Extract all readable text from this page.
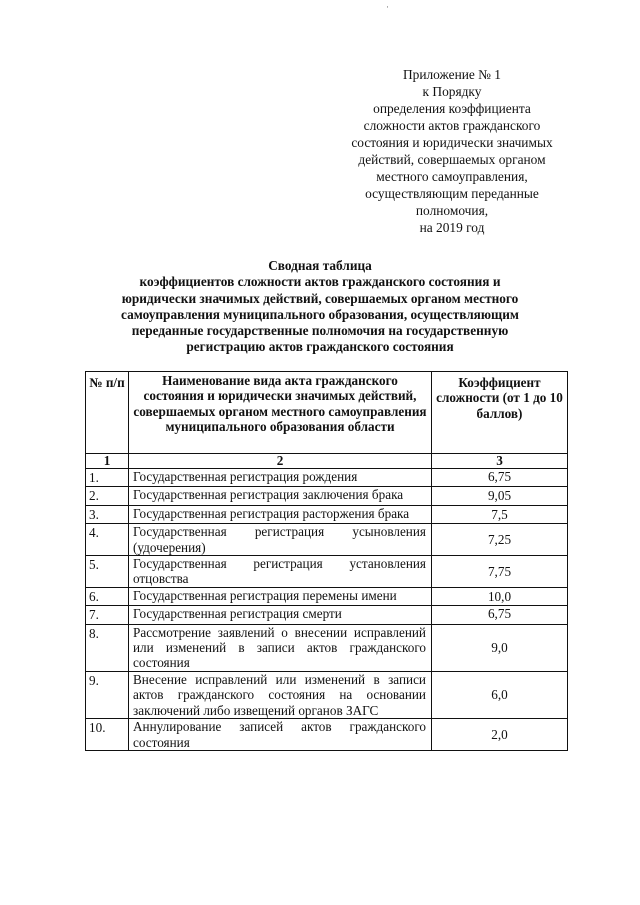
·
Приложение № 1
к Порядку
определения коэффициента
сложности актов гражданского
состояния и юридически значимых
действий, совершаемых органом
местного самоуправления,
осуществляющим переданные
полномочия,
на 2019 год
Сводная таблица
коэффициентов сложности актов гражданского состояния и
юридически значимых действий, совершаемых органом местного
самоуправления муниципального образования, осуществляющим
переданные государственные полномочия на государственную
регистрацию актов гражданского состояния
№ п/п	Наименование вида акта гражданского состояния и юридически значимых действий, совершаемых органом местного самоуправления муниципального образования области	Коэффициент сложности (от 1 до 10 баллов)
1	2	3
1.	Государственная регистрация рождения	6,75
2.	Государственная регистрация заключения брака	9,05
3.	Государственная регистрация расторжения брака	7,5
4.	Государственная регистрация усыновления (удочерения)	7,25
5.	Государственная регистрация установления отцовства	7,75
6.	Государственная регистрация перемены имени	10,0
7.	Государственная регистрация смерти	6,75
8.	Рассмотрение заявлений о внесении исправлений или изменений в записи актов гражданского состояния	9,0
9.	Внесение исправлений или изменений в записи актов гражданского состояния на основании заключений либо извещений органов ЗАГС	6,0
10.	Аннулирование записей актов гражданского состояния	2,0
